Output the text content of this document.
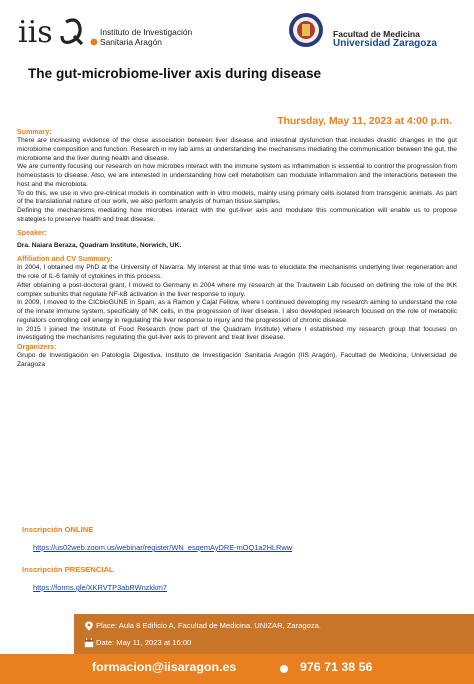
iis	Instituto de Investigación
Sanitaria Aragón
Facultad de Medicina
Universidad Zaragoza
The gut-microbiome-liver axis during disease
Thursday, May 11, 2023 at 4:00 p.m.

Summary:

There are increasing evidence of the close association between liver disease and intestinal dysfunction that includes drastic changes in the gut microbiome composition and function. Research in my lab aims at understanding the mechanisms mediating the communication between the gut, the microbiome and the liver during health and disease.

We are currently focusing our research on how microbes interact with the immune system as inflammation is essential to control the progression from homeostasis to disease. Also, we are interested in understanding how cell metabolism can modulate inflammation and the interactions between the host and the microbiota.

To do this, we use in vivo pre-clinical models in combination with in vitro models, mainly using primary cells isolated from transgenic animals. As part of the translational nature of our work, we also perform analysis of human tissue samples.

Defining the mechanisms mediating how microbes interact with the gut-liver axis and modulate this communication will enable us to propose strategies to preserve health and treat disease.

Speaker:

Dra. Naiara Beraza, Quadram Institute, Norwich, UK.

Affiliation and CV Summary:

In 2004, I obtained my PhD at the University of Navarra. My interest at that time was to elucidate the mechanisms underlying liver regeneration and the role of IL-6 family of cytokines in this process.

After obtaining a post-doctoral grant, I moved to Germany in 2004 where my research at the Trautwein Lab focused on defining the role of the IKK complex subunits that regulate NF-kB activation in the liver response to injury.

In 2009, I moved to the CICbioGUNE in Spain, as a Ramon y Cajal Fellow, where I continued developing my research aiming to understand the role of the innate immune system, specifically of NK cells, in the progression of liver disease. I also developed research focused on the role of metabolic regulators controlling cell energy in regulating the liver response to injury and the progression of chronic disease.

In 2015 I joined the Institute of Food Research (now part of the Quadram Institute) where I established my research group that focuses on investigating the mechanisms regulating the gut-liver axis to prevent and treat liver disease.

Organizers:

Grupo de Investigación en Patología Digestiva. Instituto de Investigación Sanitaria Aragón (IIS Aragón). Facultad de Medicina, Universidad de Zaragoza

Inscripción ONLINE
https://us02web.zoom.us/webinar/register/WN_esqemAyDRE-mOQ1a2HLRww
Inscripción PRESENCIAL
https://forms.gle/XKRVTP3abRWnzkkm7
Place: Aula 8 Edificio A, Facultad de Medicina. UNIZAR, Zaragoza.
Date: May 11, 2023 at 16:00
formacion@iisaragon.es	976 71 38 56
